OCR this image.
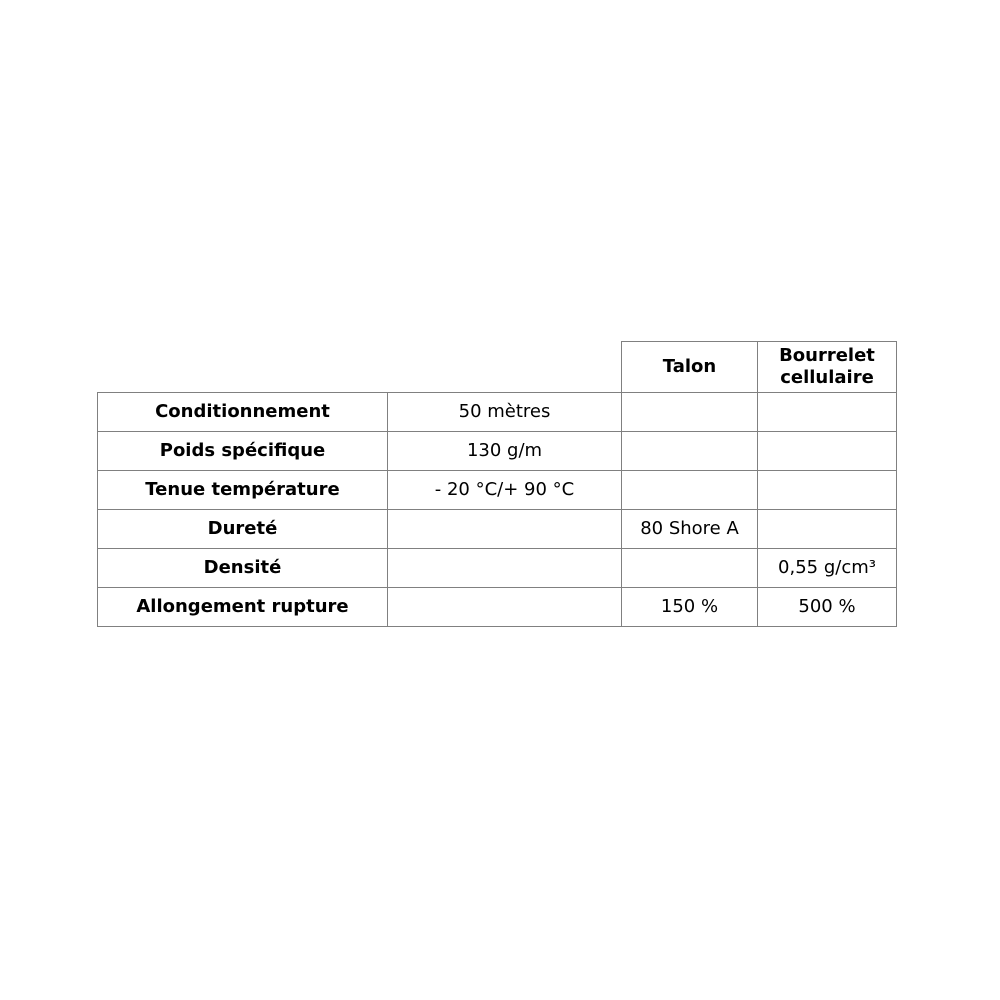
		Talon	Bourrelet cellulaire
Conditionnement	50 mètres		
Poids spécifique	130 g/m		
Tenue température	- 20 °C/+ 90 °C		
Dureté		80 Shore A	
Densité			0,55 g/cm³
Allongement rupture		150 %	500 %
